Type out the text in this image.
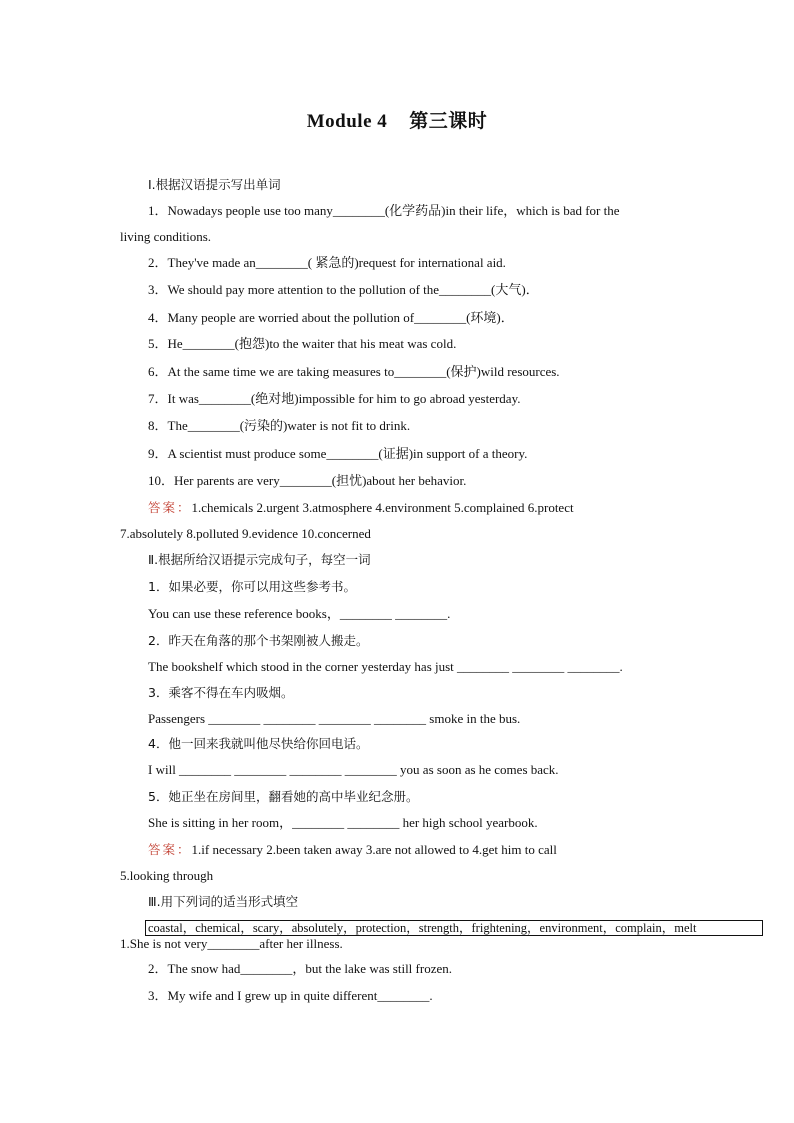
Module 4 第三课时
Ⅰ.根据汉语提示写出单词
1．Nowadays people use too many________(化学药品)in their life，which is bad for the
living conditions.
2．They've made an________( 紧急的)request for international aid.
3．We should pay more attention to the pollution of the________(大气)．
4．Many people are worried about the pollution of________(环境)．
5．He________(抱怨)to the waiter that his meat was cold.
6．At the same time we are taking measures to________(保护)wild resources.
7．It was________(绝对地)impossible for him to go abroad yesterday.
8．The________(污染的)water is not fit to drink.
9．A scientist must produce some________(证据)in support of a theory.
10．Her parents are very________(担忧)about her behavior.
答案：1.chemicals 2.urgent 3.atmosphere 4.environment 5.complained 6.protect
7.absolutely 8.polluted 9.evidence 10.concerned
Ⅱ.根据所给汉语提示完成句子，每空一词
1．如果必要，你可以用这些参考书。
You can use these reference books，________ ________.
2．昨天在角落的那个书架刚被人搬走。
The bookshelf which stood in the corner yesterday has just ________ ________ ________.
3．乘客不得在车内吸烟。
Passengers ________ ________ ________ ________ smoke in the bus.
4．他一回来我就叫他尽快给你回电话。
I will ________ ________ ________ ________ you as soon as he comes back.
5．她正坐在房间里，翻看她的高中毕业纪念册。
She is sitting in her room，________ ________ her high school yearbook.
答案：1.if necessary 2.been taken away 3.are not allowed to 4.get him to call
5.looking through
Ⅲ.用下列词的适当形式填空
coastal，chemical，scary，absolutely，protection，strength，frightening，environment，complain，melt
1.She is not very________after her illness.
2．The snow had________，but the lake was still frozen.
3．My wife and I grew up in quite different________.
